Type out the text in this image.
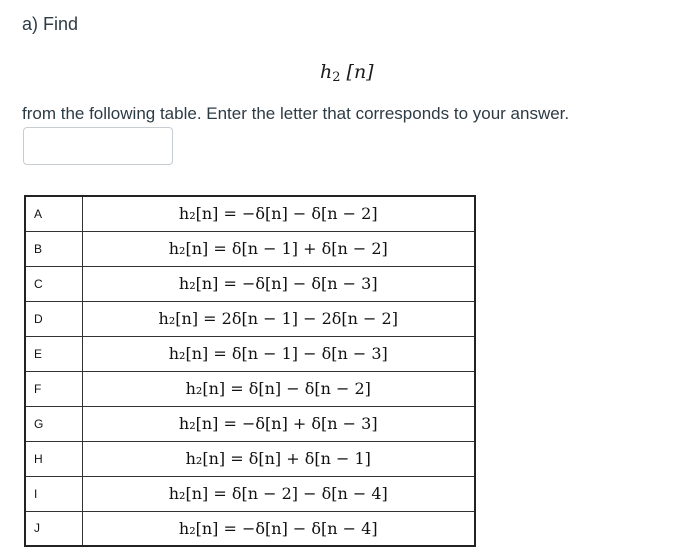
a) Find
$h_2$ [n]
from the following table. Enter the letter that corresponds to your answer.
A	h₂[n] = −δ[n] − δ[n − 2]
B	h₂[n] = δ[n − 1] + δ[n − 2]
C	h₂[n] = −δ[n] − δ[n − 3]
D	h₂[n] = 2δ[n − 1] − 2δ[n − 2]
E	h₂[n] = δ[n − 1] − δ[n − 3]
F	h₂[n] = δ[n] − δ[n − 2]
G	h₂[n] = −δ[n] + δ[n − 3]
H	h₂[n] = δ[n] + δ[n − 1]
I	h₂[n] = δ[n − 2] − δ[n − 4]
J	h₂[n] = −δ[n] − δ[n − 4]
